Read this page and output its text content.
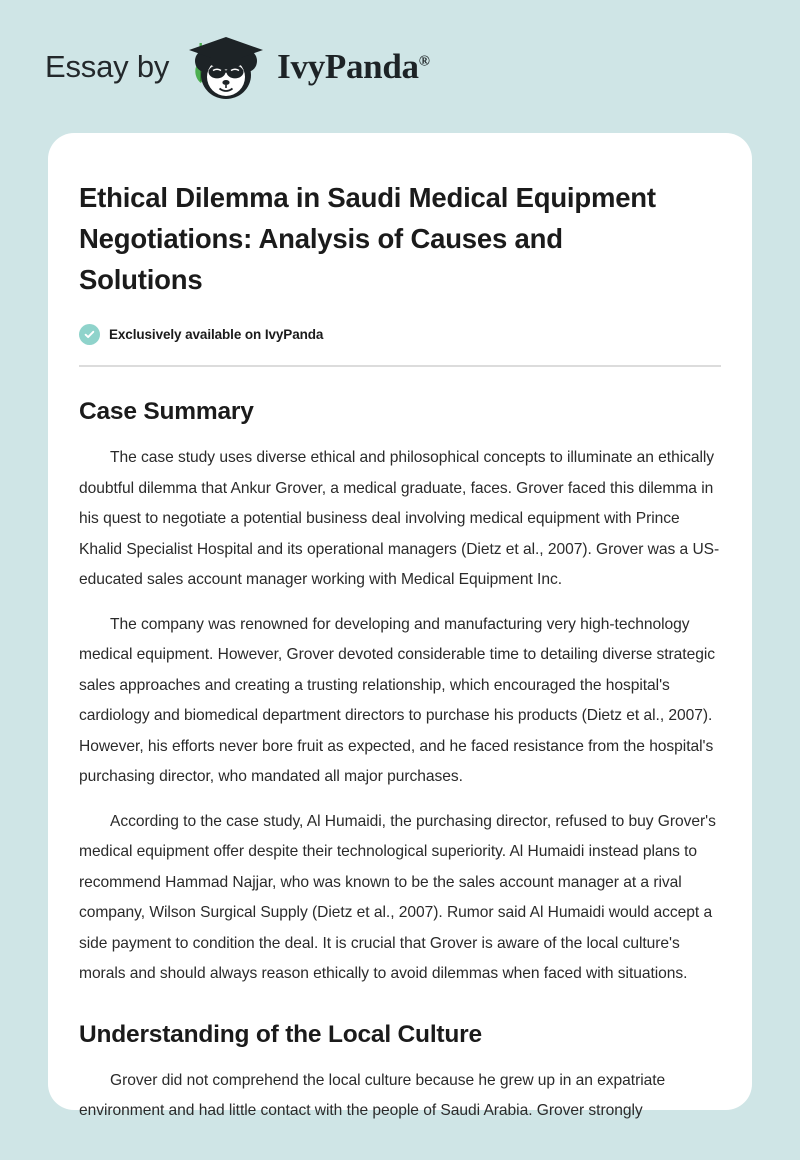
Essay by	IvyPanda®
Ethical Dilemma in Saudi Medical Equipment Negotiations: Analysis of Causes and Solutions
Exclusively available on IvyPanda
Case Summary

The case study uses diverse ethical and philosophical concepts to illuminate an ethically doubtful dilemma that Ankur Grover, a medical graduate, faces. Grover faced this dilemma in his quest to negotiate a potential business deal involving medical equipment with Prince Khalid Specialist Hospital and its operational managers (Dietz et al., 2007). Grover was a US-educated sales account manager working with Medical Equipment Inc.

The company was renowned for developing and manufacturing very high-technology medical equipment. However, Grover devoted considerable time to detailing diverse strategic sales approaches and creating a trusting relationship, which encouraged the hospital's cardiology and biomedical department directors to purchase his products (Dietz et al., 2007). However, his efforts never bore fruit as expected, and he faced resistance from the hospital's purchasing director, who mandated all major purchases.

According to the case study, Al Humaidi, the purchasing director, refused to buy Grover's medical equipment offer despite their technological superiority. Al Humaidi instead plans to recommend Hammad Najjar, who was known to be the sales account manager at a rival company, Wilson Surgical Supply (Dietz et al., 2007). Rumor said Al Humaidi would accept a side payment to condition the deal. It is crucial that Grover is aware of the local culture's morals and should always reason ethically to avoid dilemmas when faced with situations.

Understanding of the Local Culture

Grover did not comprehend the local culture because he grew up in an expatriate environment and had little contact with the people of Saudi Arabia. Grover strongly
